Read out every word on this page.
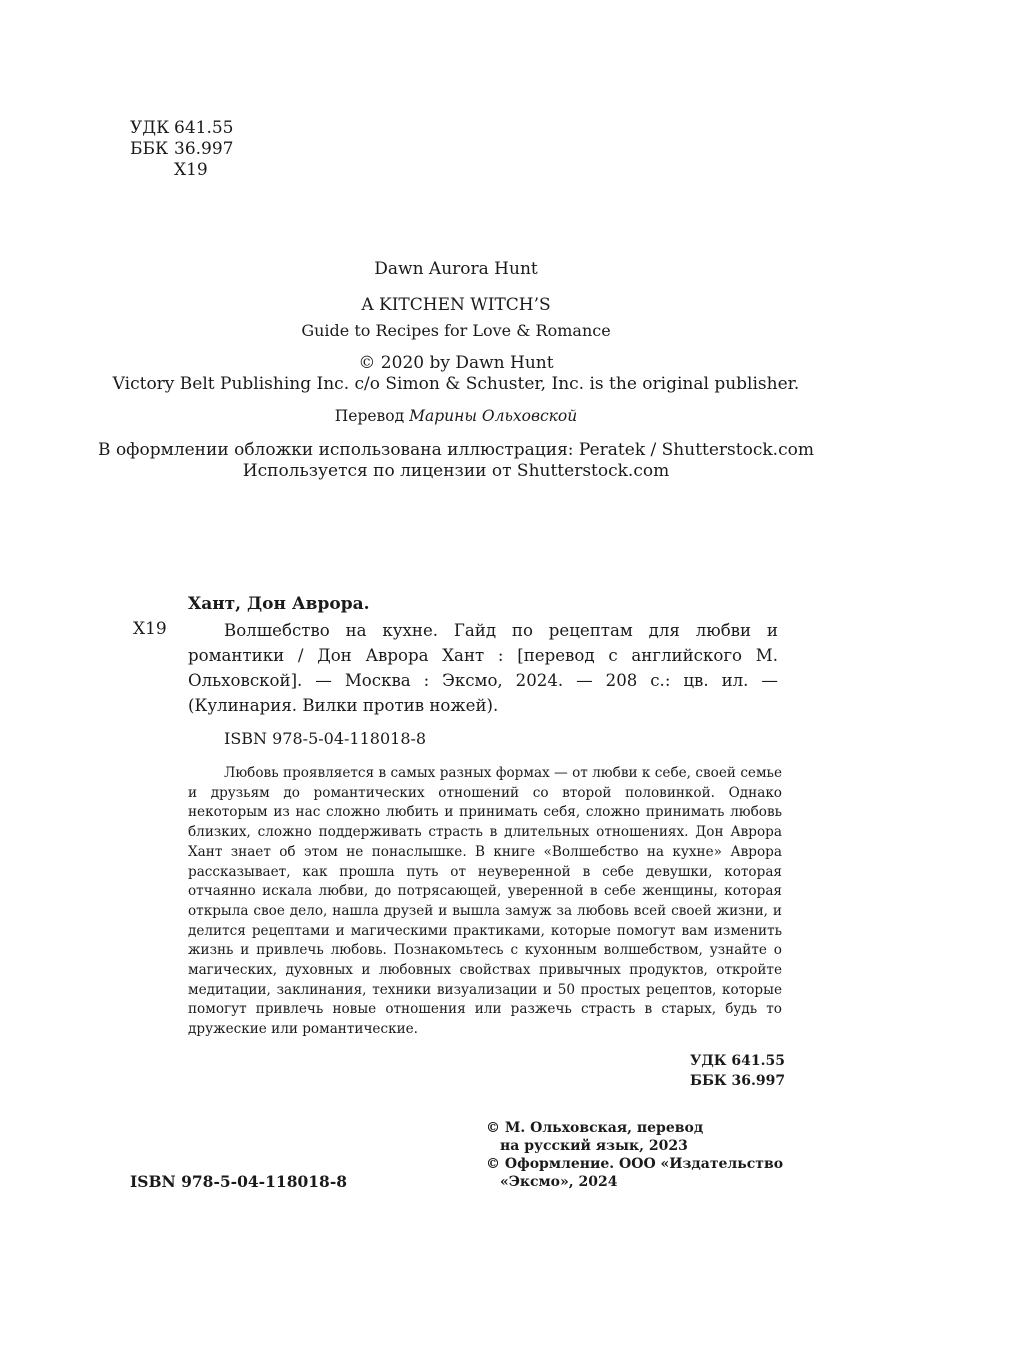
УДК 641.55
ББК 36.997
Х19
Dawn Aurora Hunt
A KITCHEN WITCH’S
Guide to Recipes for Love & Romance
© 2020 by Dawn Hunt
Victory Belt Publishing Inc. c/o Simon & Schuster, Inc. is the original publisher.
Перевод Марины Ольховской
В оформлении обложки использована иллюстрация: Peratek / Shutterstock.com
Используется по лицензии от Shutterstock.com
Хант, Дон Аврора.
Х19	Волшебство на кухне. Гайд по рецептам для любви и романтики / Дон Аврора Хант : [перевод с английского М. Ольховской]. — Москва : Эксмо, 2024. — 208 с.: цв. ил. — (Кулинария. Вилки против ножей).
ISBN 978-5-04-118018-8
Любовь проявляется в самых разных формах — от любви к себе, своей семье и друзьям до романтических отношений со второй половинкой. Однако некоторым из нас сложно любить и принимать себя, сложно принимать любовь близких, сложно поддерживать страсть в длительных отношениях. Дон Аврора Хант знает об этом не понаслышке. В книге «Волшебство на кухне» Аврора рассказывает, как прошла путь от неуверенной в себе девушки, которая отчаянно искала любви, до потрясающей, уверенной в себе женщины, которая открыла свое дело, нашла друзей и вышла замуж за любовь всей своей жизни, и делится рецептами и магическими практиками, которые помогут вам изменить жизнь и привлечь любовь. Познакомьтесь с кухонным волшебством, узнайте о магических, духовных и любовных свойствах привычных продуктов, откройте медитации, заклинания, техники визуализации и 50 простых рецептов, которые помогут привлечь новые отношения или разжечь страсть в старых, будь то дружеские или романтические.
УДК 641.55
ББК 36.997
© М. Ольховская, перевод
на русский язык, 2023
© Оформление. ООО «Издательство
«Эксмо», 2024
ISBN 978-5-04-118018-8
